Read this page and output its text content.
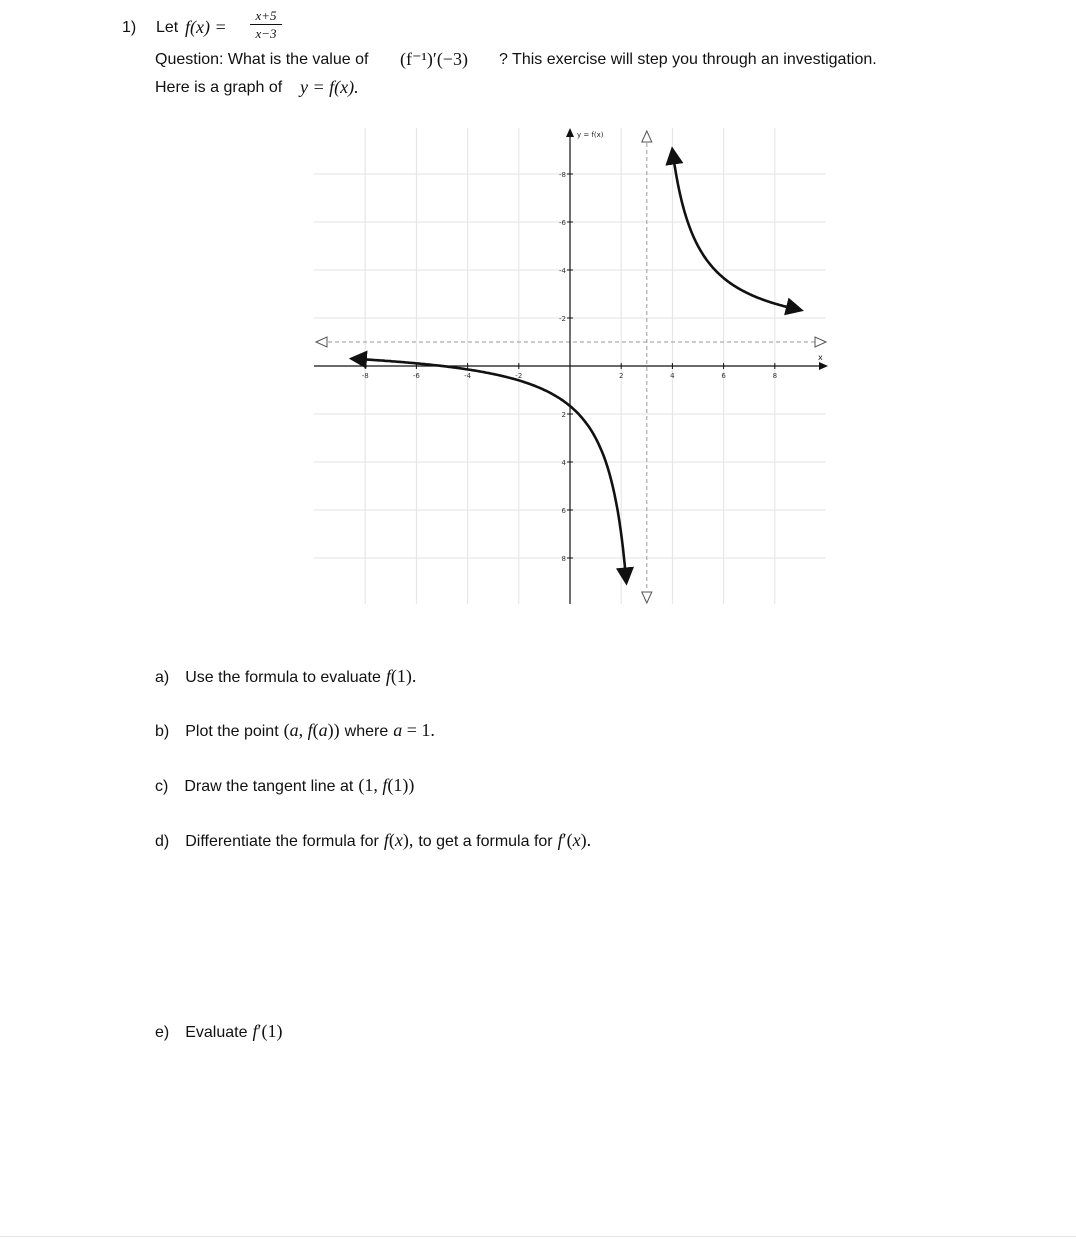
1) Let f(x) =
x+5
x−3
Question: What is the value of (f⁻¹)′(−3) ? This exercise will step you through an investigation.
Here is a graph of y = f(x).
-8	-6	-4	-2	2	4	6	8
8
6
4
2
-2
-4
-6
-8
y = f(x)
x
a) Use the formula to evaluate f(1).
b) Plot the point (a, f(a)) where a = 1.
c) Draw the tangent line at (1, f(1))
d) Differentiate the formula for f(x), to get a formula for f′(x).
e) Evaluate f′(1)
